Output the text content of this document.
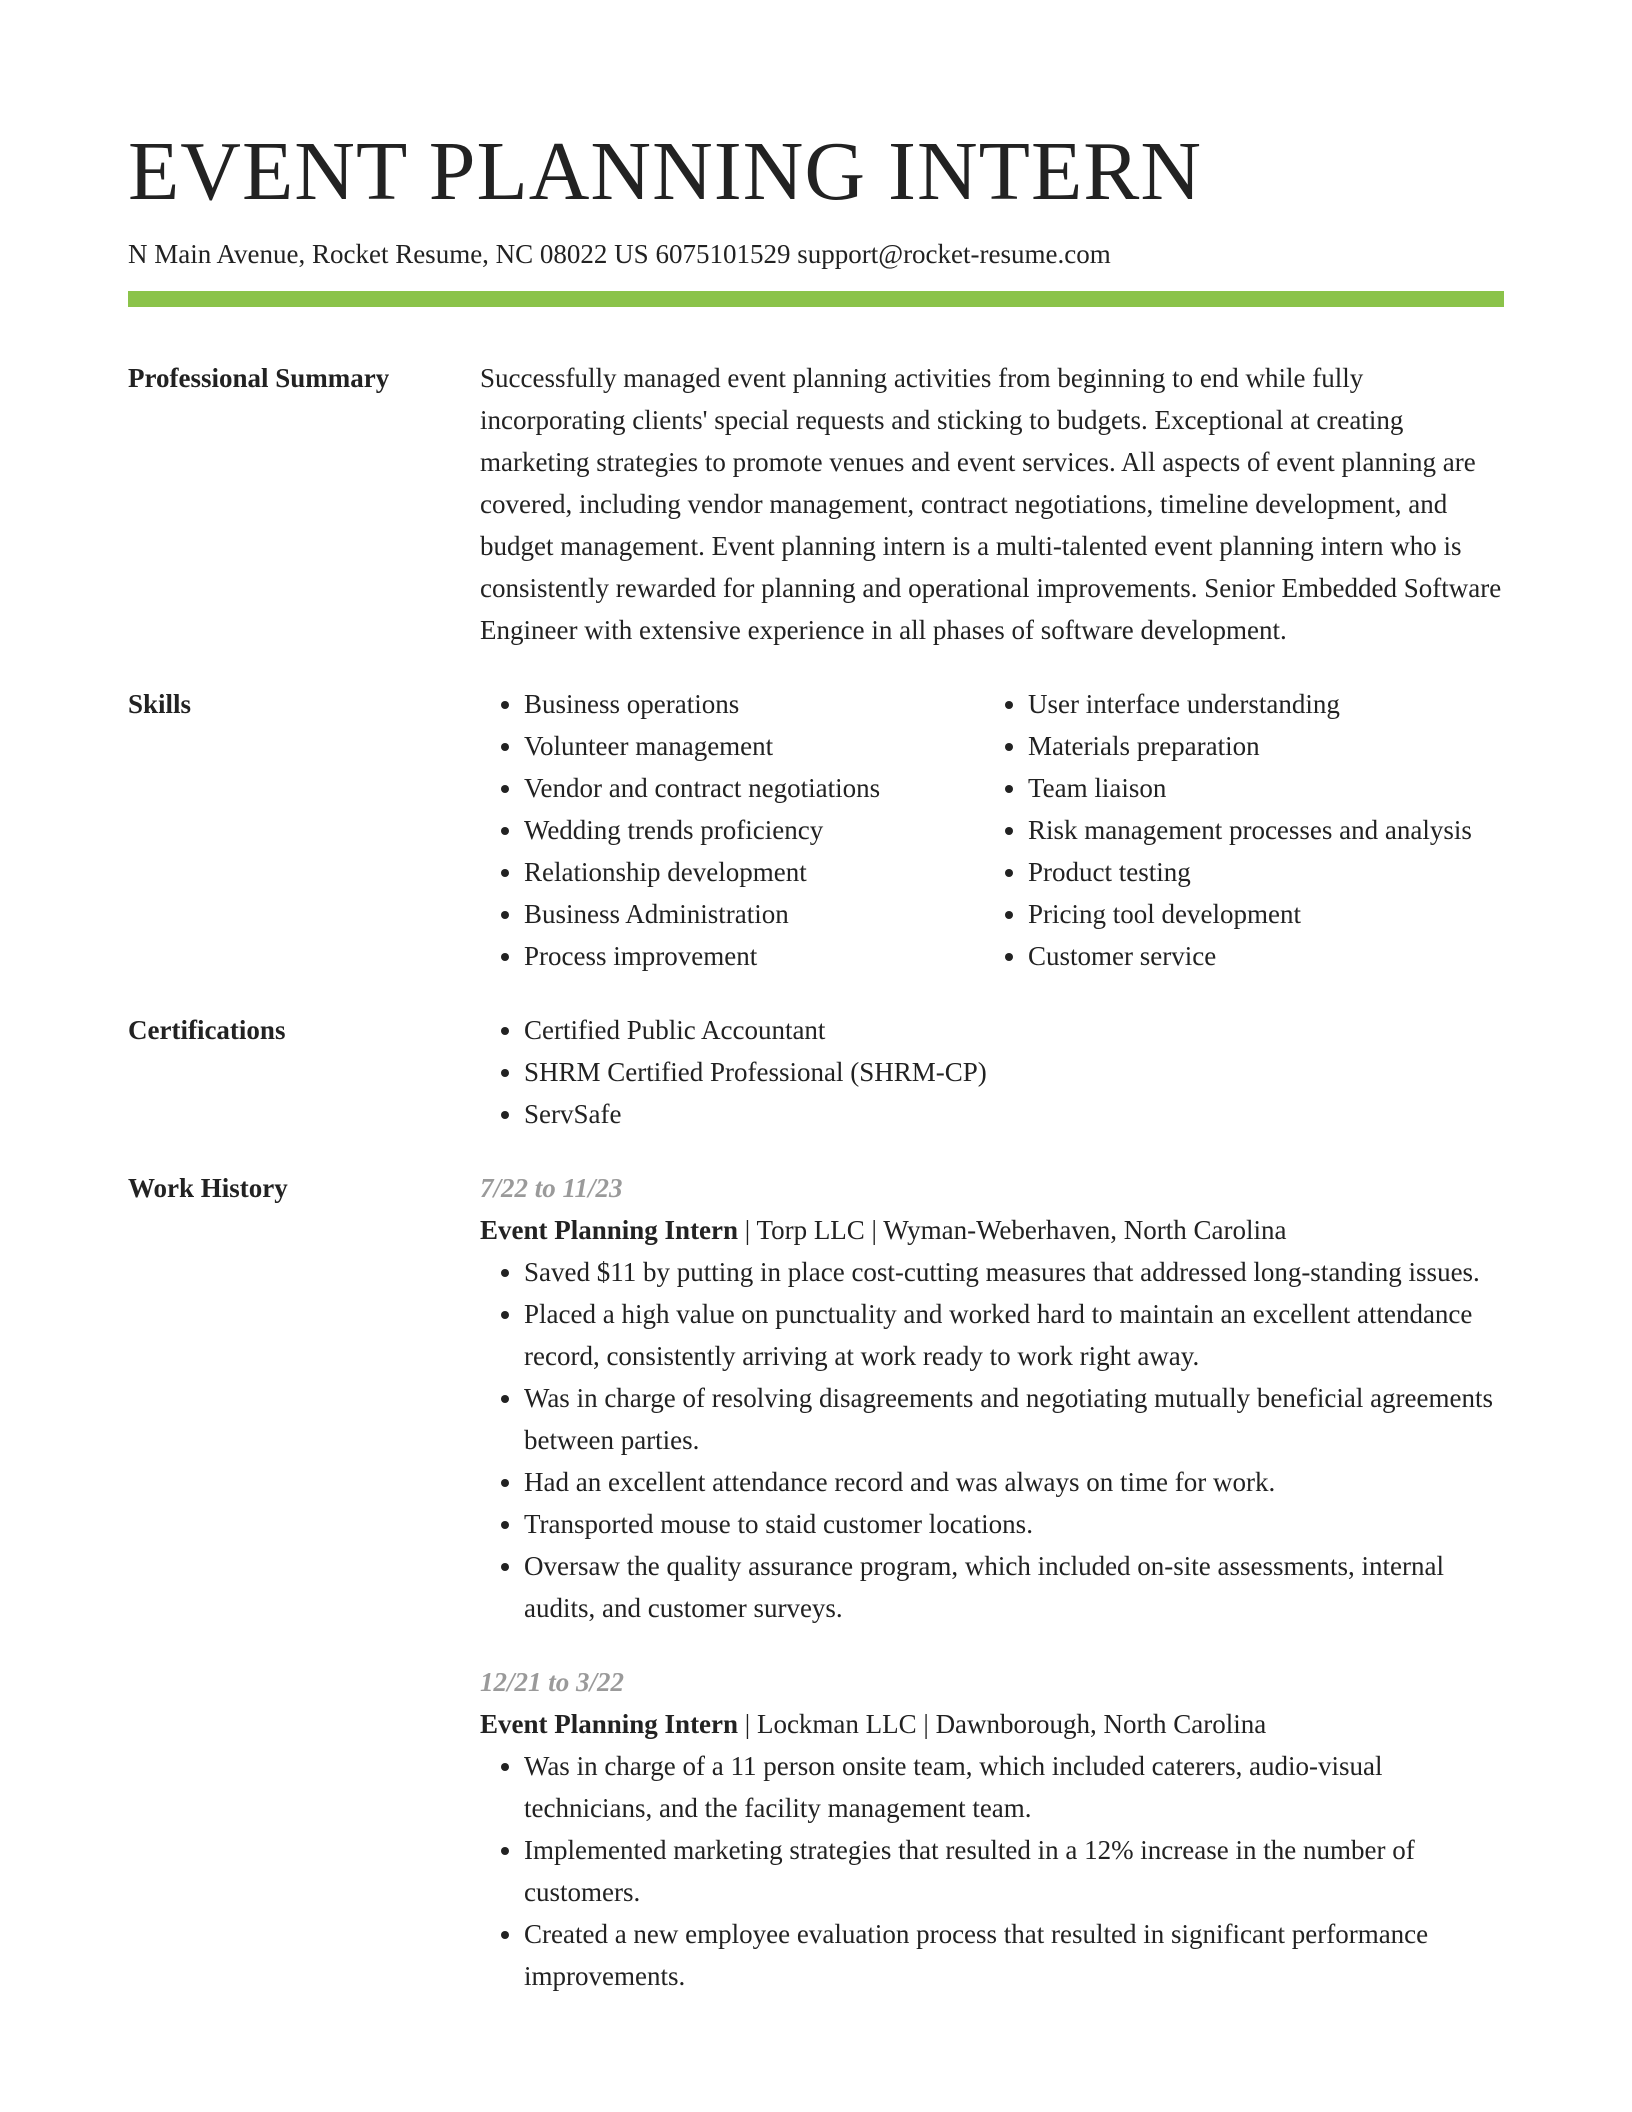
EVENT PLANNING INTERN
N Main Avenue, Rocket Resume, NC 08022 US 6075101529 support@rocket-resume.com
Professional Summary	Successfully managed event planning activities from beginning to end while fully incorporating clients' special requests and sticking to budgets. Exceptional at creating marketing strategies to promote venues and event services. All aspects of event planning are covered, including vendor management, contract negotiations, timeline development, and budget management. Event planning intern is a multi-talented event planning intern who is consistently rewarded for planning and operational improvements. Senior Embedded Software Engineer with extensive experience in all phases of software development.

Skills	• Business operations
• Volunteer management
• Vendor and contract negotiations
• Wedding trends proficiency
• Relationship development
• Business Administration
• Process improvement
• User interface understanding
• Materials preparation
• Team liaison
• Risk management processes and analysis
• Product testing
• Pricing tool development
• Customer service
Certifications	• Certified Public Accountant
• SHRM Certified Professional (SHRM-CP)
• ServSafe
Work History	7/22 to 11/23
Event Planning Intern | Torp LLC | Wyman-Weberhaven, North Carolina
• Saved $11 by putting in place cost-cutting measures that addressed long-standing issues.
• Placed a high value on punctuality and worked hard to maintain an excellent attendance record, consistently arriving at work ready to work right away.
• Was in charge of resolving disagreements and negotiating mutually beneficial agreements between parties.
• Had an excellent attendance record and was always on time for work.
• Transported mouse to staid customer locations.
• Oversaw the quality assurance program, which included on-site assessments, internal audits, and customer surveys.
12/21 to 3/22
Event Planning Intern | Lockman LLC | Dawnborough, North Carolina
• Was in charge of a 11 person onsite team, which included caterers, audio-visual technicians, and the facility management team.
• Implemented marketing strategies that resulted in a 12% increase in the number of customers.
• Created a new employee evaluation process that resulted in significant performance improvements.
